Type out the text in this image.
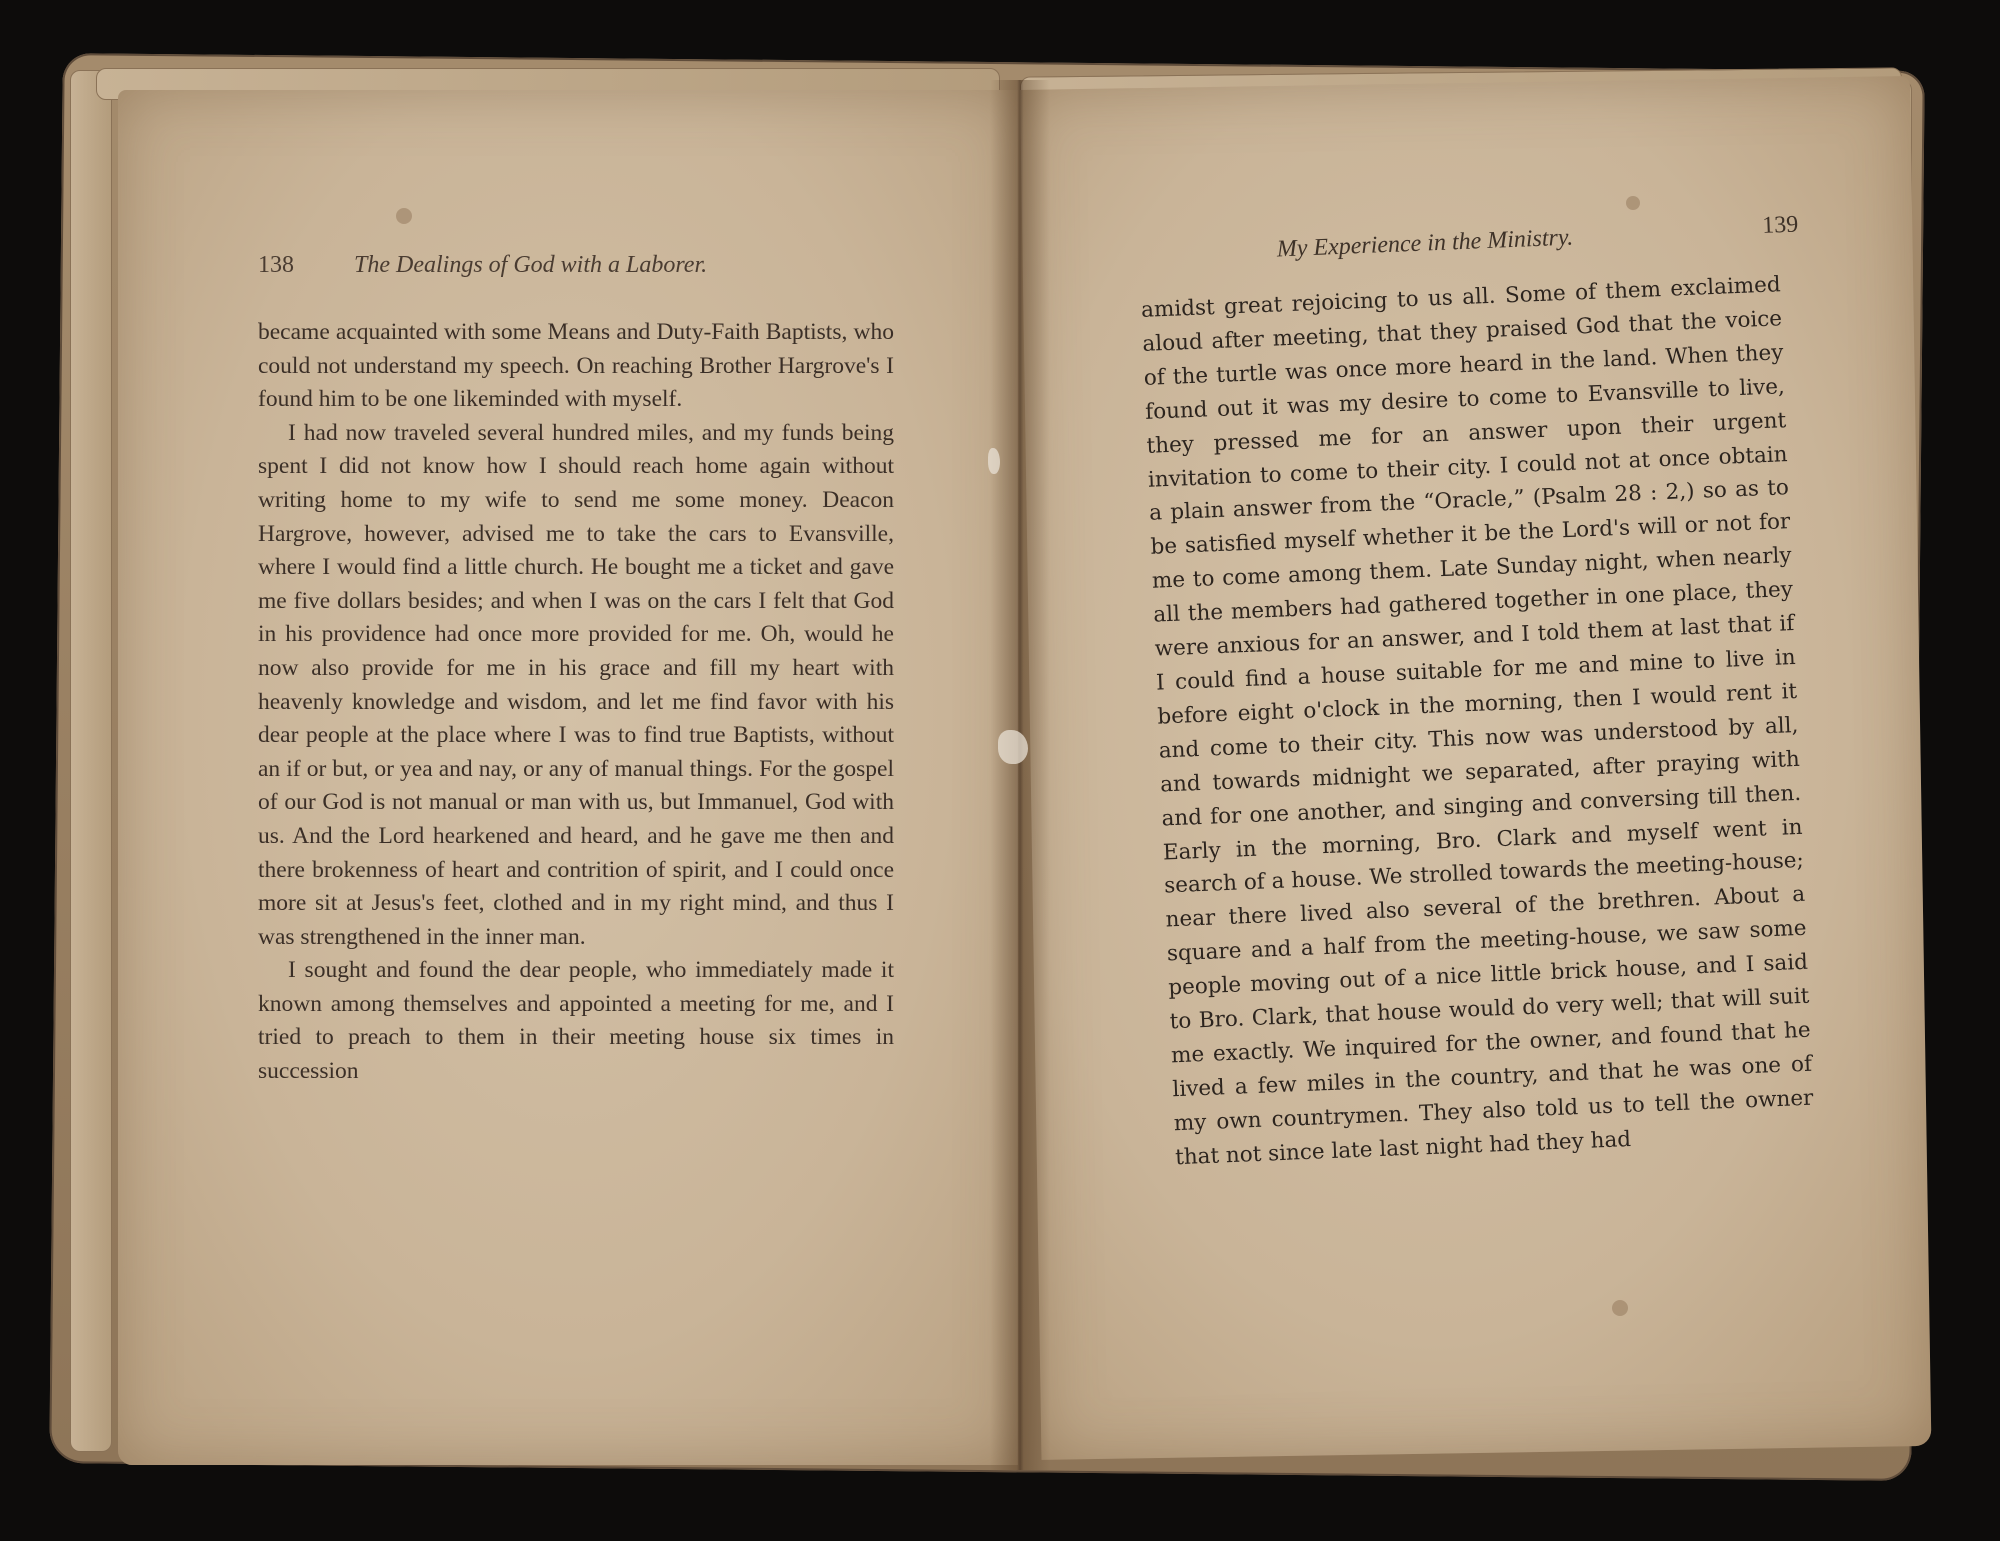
138	The Dealings of God with a Laborer.

became acquainted with some Means and Duty-Faith Baptists, who could not understand my speech. On reaching Brother Hargrove's I found him to be one likeminded with myself.

I had now traveled several hundred miles, and my funds being spent I did not know how I should reach home again without writing home to my wife to send me some money. Deacon Hargrove, however, advised me to take the cars to Evansville, where I would find a little church. He bought me a ticket and gave me five dollars besides; and when I was on the cars I felt that God in his providence had once more provided for me. Oh, would he now also provide for me in his grace and fill my heart with heavenly knowledge and wisdom, and let me find favor with his dear people at the place where I was to find true Baptists, without an if or but, or yea and nay, or any of manual things. For the gospel of our God is not manual or man with us, but Immanuel, God with us. And the Lord hearkened and heard, and he gave me then and there brokenness of heart and contrition of spirit, and I could once more sit at Jesus's feet, clothed and in my right mind, and thus I was strengthened in the inner man.

I sought and found the dear people, who immediately made it known among themselves and appointed a meeting for me, and I tried to preach to them in their meeting house six times in succession

My Experience in the Ministry.	139

amidst great rejoicing to us all. Some of them exclaimed aloud after meeting, that they praised God that the voice of the turtle was once more heard in the land. When they found out it was my desire to come to Evansville to live, they pressed me for an answer upon their urgent invitation to come to their city. I could not at once obtain a plain answer from the “Oracle,” (Psalm 28 : 2,) so as to be satisfied myself whether it be the Lord's will or not for me to come among them. Late Sunday night, when nearly all the members had gathered together in one place, they were anxious for an answer, and I told them at last that if I could find a house suitable for me and mine to live in before eight o'clock in the morning, then I would rent it and come to their city. This now was understood by all, and towards midnight we separated, after praying with and for one another, and singing and conversing till then. Early in the morning, Bro. Clark and myself went in search of a house. We strolled towards the meeting-house; near there lived also several of the brethren. About a square and a half from the meeting-house, we saw some people moving out of a nice little brick house, and I said to Bro. Clark, that house would do very well; that will suit me exactly. We inquired for the owner, and found that he lived a few miles in the country, and that he was one of my own countrymen. They also told us to tell the owner that not since late last night had they had
